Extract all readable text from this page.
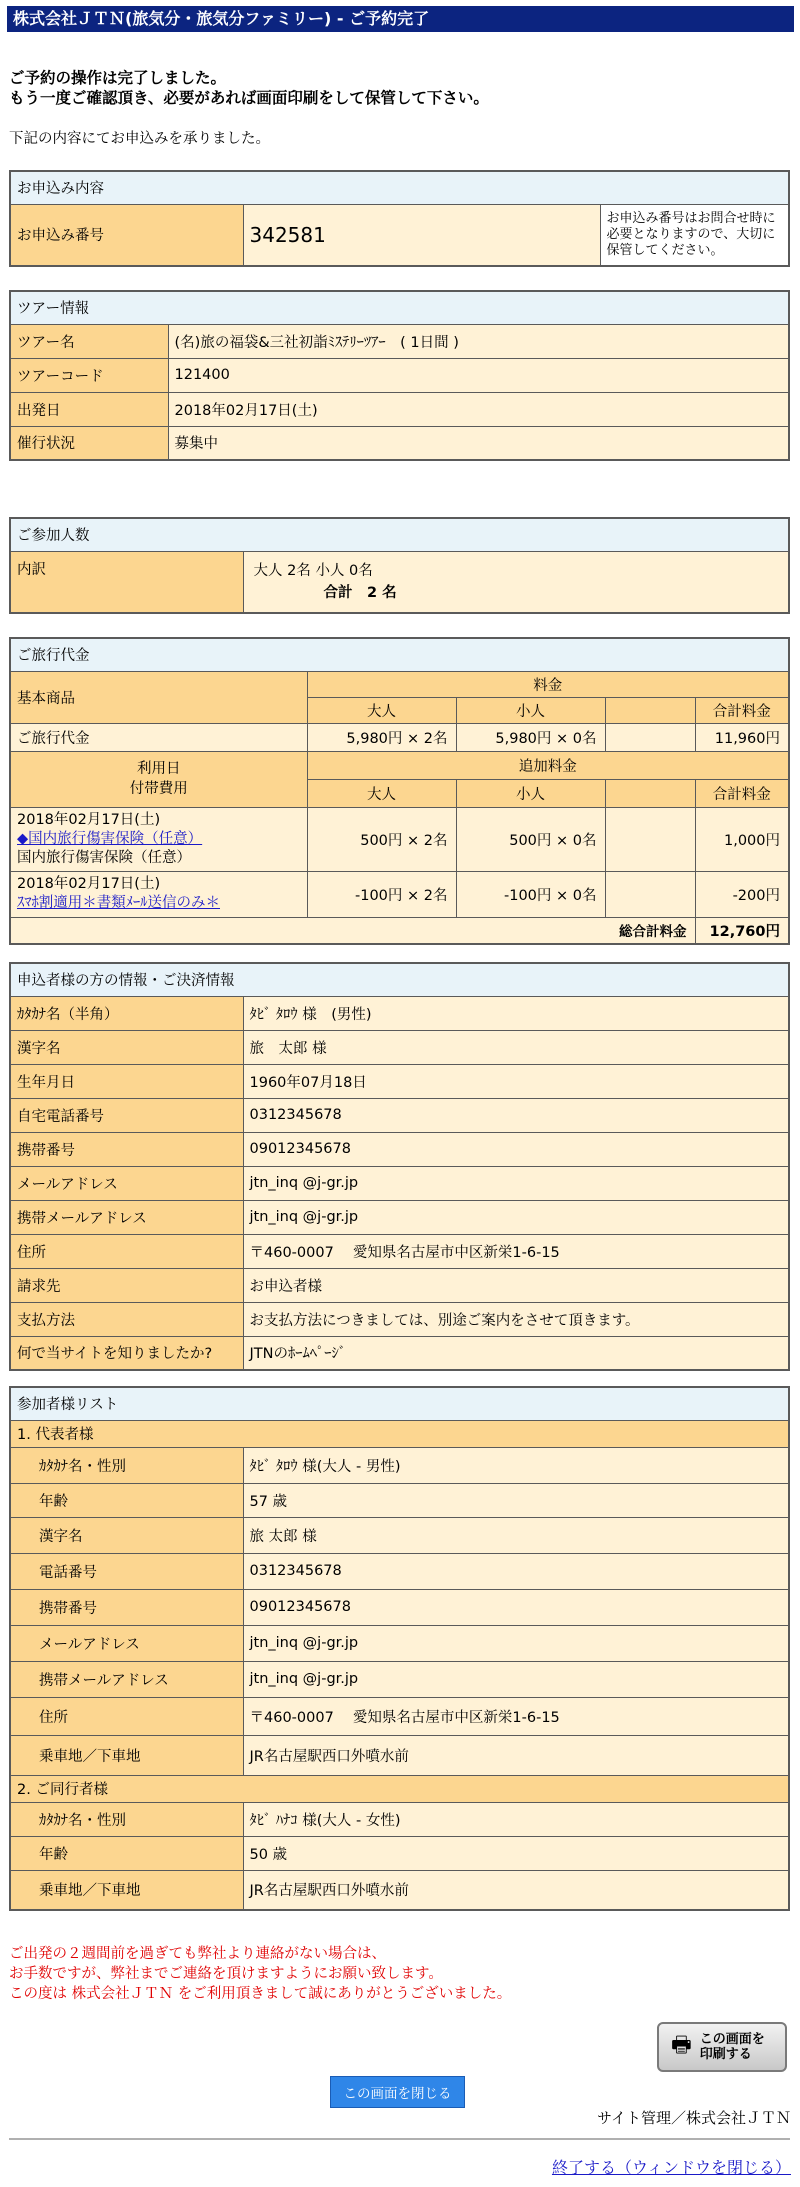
株式会社ＪＴＮ(旅気分・旅気分ファミリー) - ご予約完了
ご予約の操作は完了しました。
もう一度ご確認頂き、必要があれば画面印刷をして保管して下さい。
下記の内容にてお申込みを承りました。
お申込み内容
お申込み番号	342581	お申込み番号はお問合せ時に必要となりますので、大切に保管してください。
ツアー情報	
ツアー名	(名)旅の福袋&三社初詣ﾐｽﾃﾘｰﾂｱｰ　( 1日間 )
ツアーコード	121400
出発日	2018年02月17日(土)
催行状況	募集中
ご参加人数
内訳	大人 2名 小人 0名
合計　2 名
ご旅行代金				
基本商品	料金			
	大人	小人		合計料金
ご旅行代金	5,980円 × 2名	5,980円 × 0名		11,960円

利用日
付帯費用	追加料金			
	大人	小人		合計料金

2018年02月17日(土)
◆国内旅行傷害保険（任意）
国内旅行傷害保険（任意）	500円 × 2名	500円 × 0名		1,000円

2018年02月17日(土)
ｽﾏﾎ割適用＊書類ﾒｰﾙ送信のみ＊	-100円 × 2名	-100円 × 0名		-200円
総合計料金				12,760円
申込者様の方の情報・ご決済情報	
ｶﾀｶﾅ名（半角）	ﾀﾋﾞ ﾀﾛｳ 様　(男性)
漢字名	旅　太郎 様
生年月日	1960年07月18日
自宅電話番号	0312345678
携帯番号	09012345678
メールアドレス	jtn_inq @j-gr.jp
携帯メールアドレス	jtn_inq @j-gr.jp
住所	〒460-0007　 愛知県名古屋市中区新栄1-6-15
請求先	お申込者様
支払方法	お支払方法につきましては、別途ご案内をさせて頂きます。
何で当サイトを知りましたか?	JTNのﾎｰﾑﾍﾟｰｼﾞ
参加者様リスト	
1. 代表者様	
ｶﾀｶﾅ名・性別	ﾀﾋﾞ ﾀﾛｳ 様(大人 - 男性)
年齢	57 歳
漢字名	旅 太郎 様
電話番号	0312345678
携帯番号	09012345678
メールアドレス	jtn_inq @j-gr.jp
携帯メールアドレス	jtn_inq @j-gr.jp
住所	〒460-0007　 愛知県名古屋市中区新栄1-6-15
乗車地／下車地	JR名古屋駅西口外噴水前
2. ご同行者様	
ｶﾀｶﾅ名・性別	ﾀﾋﾞ ﾊﾅｺ 様(大人 - 女性)
年齢	50 歳
乗車地／下車地	JR名古屋駅西口外噴水前
ご出発の２週間前を過ぎても弊社より連絡がない場合は、
お手数ですが、弊社までご連絡を頂けますようにお願い致します。
この度は 株式会社ＪＴＮ をご利用頂きまして誠にありがとうございました。
🖶 この画面を
印刷する
この画面を閉じる
サイト管理／株式会社ＪＴＮ
終了する（ウィンドウを閉じる）
